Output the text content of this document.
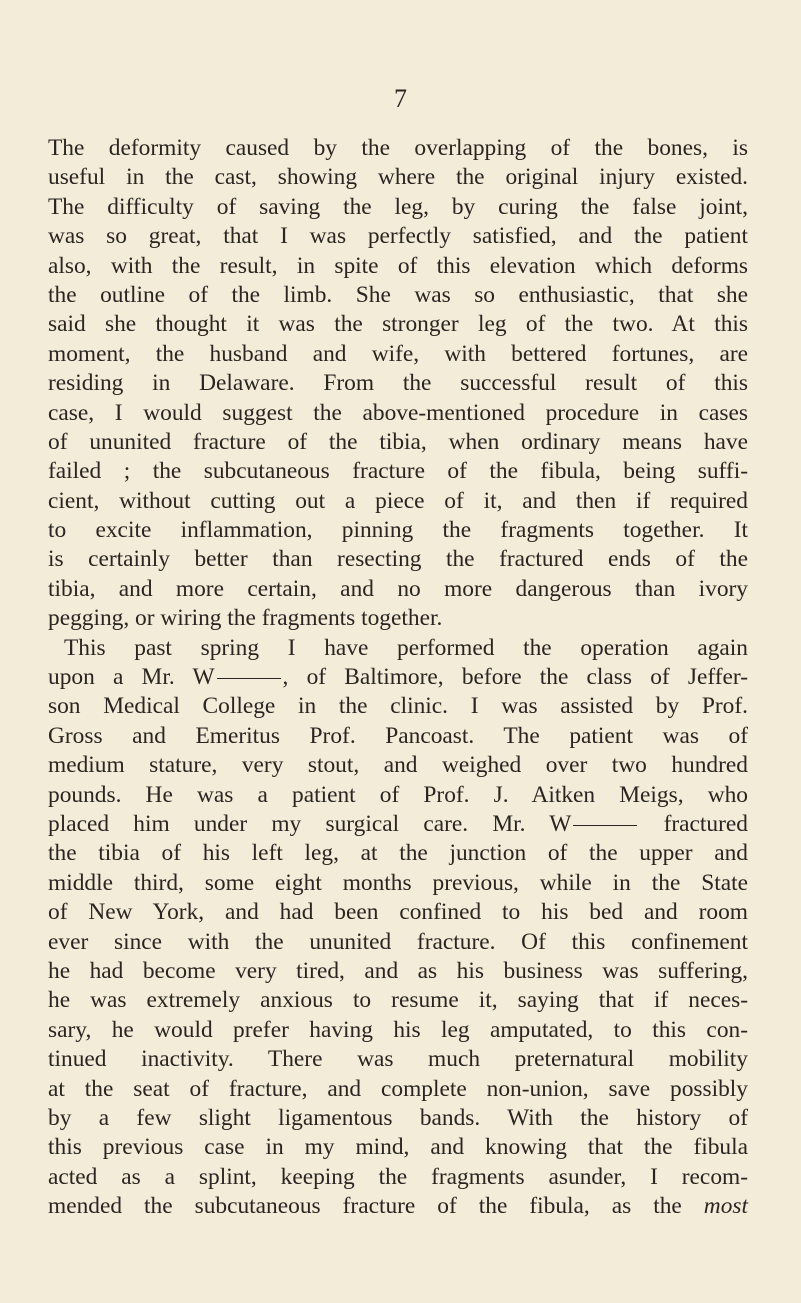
7
The deformity caused by the overlapping of the bones, is
useful in the cast, showing where the original injury existed.
The difficulty of saving the leg, by curing the false joint,
was so great, that I was perfectly satisfied, and the patient
also, with the result, in spite of this elevation which deforms
the outline of the limb. She was so enthusiastic, that she
said she thought it was the stronger leg of the two. At this
moment, the husband and wife, with bettered fortunes, are
residing in Delaware. From the successful result of this
case, I would suggest the above-mentioned procedure in cases
of ununited fracture of the tibia, when ordinary means have
failed ; the subcutaneous fracture of the fibula, being suffi-
cient, without cutting out a piece of it, and then if required
to excite inflammation, pinning the fragments together. It
is certainly better than resecting the fractured ends of the
tibia, and more certain, and no more dangerous than ivory
pegging, or wiring the fragments together.
This past spring I have performed the operation again
upon a Mr. W	, of Baltimore, before the class of Jeffer-
son Medical College in the clinic. I was assisted by Prof.
Gross and Emeritus Prof. Pancoast. The patient was of
medium stature, very stout, and weighed over two hundred
pounds. He was a patient of Prof. J. Aitken Meigs, who
placed him under my surgical care. Mr. W	fractured
the tibia of his left leg, at the junction of the upper and
middle third, some eight months previous, while in the State
of New York, and had been confined to his bed and room
ever since with the ununited fracture. Of this confinement
he had become very tired, and as his business was suffering,
he was extremely anxious to resume it, saying that if neces-
sary, he would prefer having his leg amputated, to this con-
tinued inactivity. There was much preternatural mobility
at the seat of fracture, and complete non-union, save possibly
by a few slight ligamentous bands. With the history of
this previous case in my mind, and knowing that the fibula
acted as a splint, keeping the fragments asunder, I recom-
mended the subcutaneous fracture of the fibula, as the most
